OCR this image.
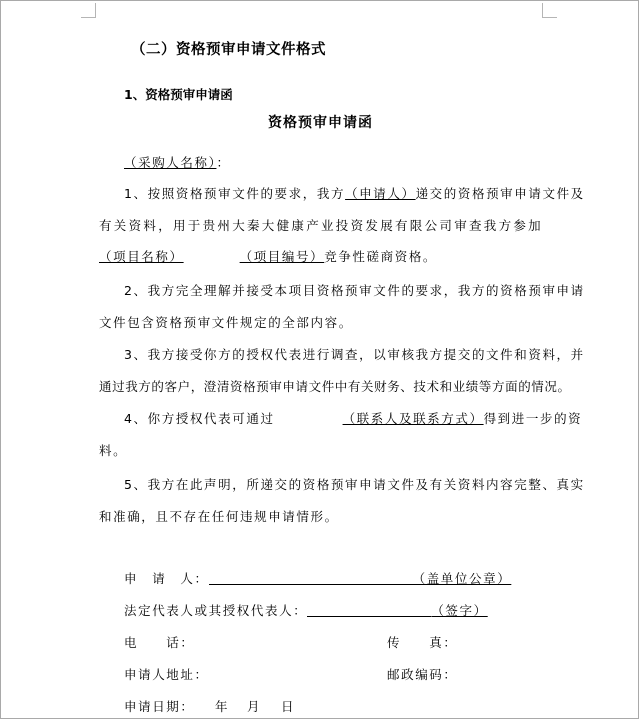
（二）资格预审申请文件格式
1、资格预审申请函
资格预审申请函
（采购人名称）：
1、按照资格预审文件的要求，我方（申请人）递交的资格预审申请文件及
有关资料，用于贵州大秦大健康产业投资发展有限公司审查我方参加
（项目名称）	（项目编号）竞争性磋商资格。
2、我方完全理解并接受本项目资格预审文件的要求，我方的资格预审申请
文件包含资格预审文件规定的全部内容。
3、我方接受你方的授权代表进行调查，以审核我方提交的文件和资料，并
通过我方的客户，澄清资格预审申请文件中有关财务、技术和业绩等方面的情况。
4、你方授权代表可通过	（联系人及联系方式）得到进一步的资
料。
5、我方在此声明，所递交的资格预审申请文件及有关资料内容完整、真实
和准确，且不存在任何违规申请情形。
申　请　人：	（盖单位公章）
法定代表人或其授权代表人：	（签字）
电　　话：	传　　真：
申请人地址：	邮政编码：
申请日期： 年 月 日
